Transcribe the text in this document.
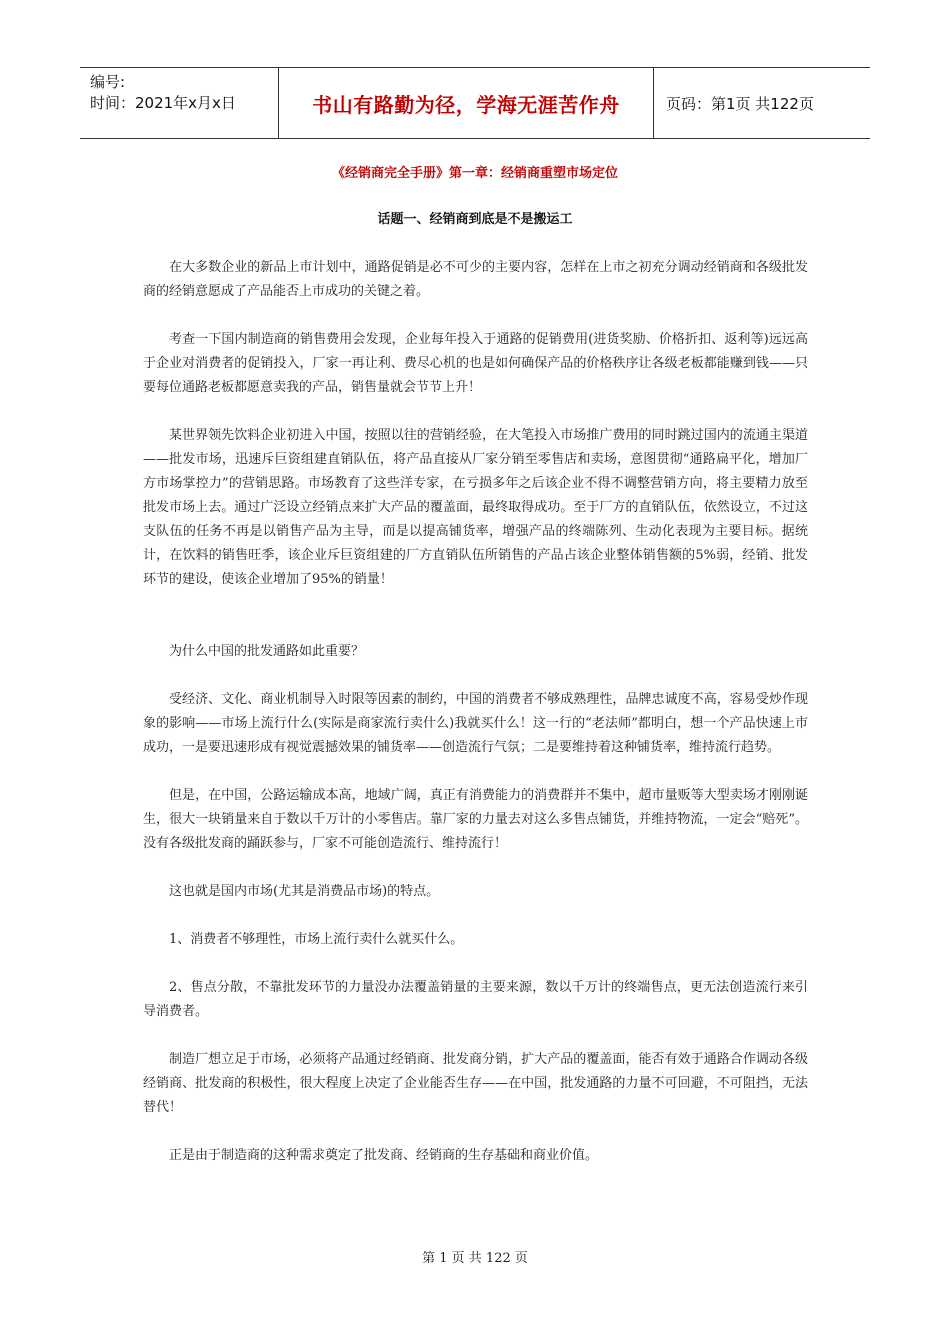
编号:
时间：2021年x月x日	书山有路勤为径，学海无涯苦作舟	页码：第1页 共122页
《经销商完全手册》第一章：经销商重塑市场定位
话题一、经销商到底是不是搬运工

在大多数企业的新品上市计划中，通路促销是必不可少的主要内容，怎样在上市之初充分调动经销商和各级批发商的经销意愿成了产品能否上市成功的关键之着。

考查一下国内制造商的销售费用会发现，企业每年投入于通路的促销费用(进货奖励、价格折扣、返利等)远远高于企业对消费者的促销投入，厂家一再让利、费尽心机的也是如何确保产品的价格秩序让各级老板都能赚到钱——只要每位通路老板都愿意卖我的产品，销售量就会节节上升！

某世界领先饮料企业初进入中国，按照以往的营销经验，在大笔投入市场推广费用的同时跳过国内的流通主渠道——批发市场，迅速斥巨资组建直销队伍，将产品直接从厂家分销至零售店和卖场，意图贯彻“通路扁平化，增加厂方市场掌控力”的营销思路。市场教育了这些洋专家，在亏损多年之后该企业不得不调整营销方向，将主要精力放至批发市场上去。通过广泛设立经销点来扩大产品的覆盖面，最终取得成功。至于厂方的直销队伍，依然设立，不过这支队伍的任务不再是以销售产品为主导，而是以提高铺货率，增强产品的终端陈列、生动化表现为主要目标。据统计，在饮料的销售旺季，该企业斥巨资组建的厂方直销队伍所销售的产品占该企业整体销售额的5%弱，经销、批发环节的建设，使该企业增加了95%的销量！

为什么中国的批发通路如此重要？

受经济、文化、商业机制导入时限等因素的制约，中国的消费者不够成熟理性，品牌忠诚度不高，容易受炒作现象的影响——市场上流行什么(实际是商家流行卖什么)我就买什么！这一行的“老法师”都明白，想一个产品快速上市成功，一是要迅速形成有视觉震撼效果的铺货率——创造流行气氛；二是要维持着这种铺货率，维持流行趋势。

但是，在中国，公路运输成本高，地域广阔，真正有消费能力的消费群并不集中，超市量贩等大型卖场才刚刚诞生，很大一块销量来自于数以千万计的小零售店。靠厂家的力量去对这么多售点铺货，并维持物流，一定会“赔死”。没有各级批发商的踊跃参与，厂家不可能创造流行、维持流行！

这也就是国内市场(尤其是消费品市场)的特点。

1、消费者不够理性，市场上流行卖什么就买什么。

2、售点分散，不靠批发环节的力量没办法覆盖销量的主要来源，数以千万计的终端售点，更无法创造流行来引导消费者。

制造厂想立足于市场，必须将产品通过经销商、批发商分销，扩大产品的覆盖面，能否有效于通路合作调动各级经销商、批发商的积极性，很大程度上决定了企业能否生存——在中国，批发通路的力量不可回避，不可阻挡，无法替代！

正是由于制造商的这种需求奠定了批发商、经销商的生存基础和商业价值。

第 1 页 共 122 页
